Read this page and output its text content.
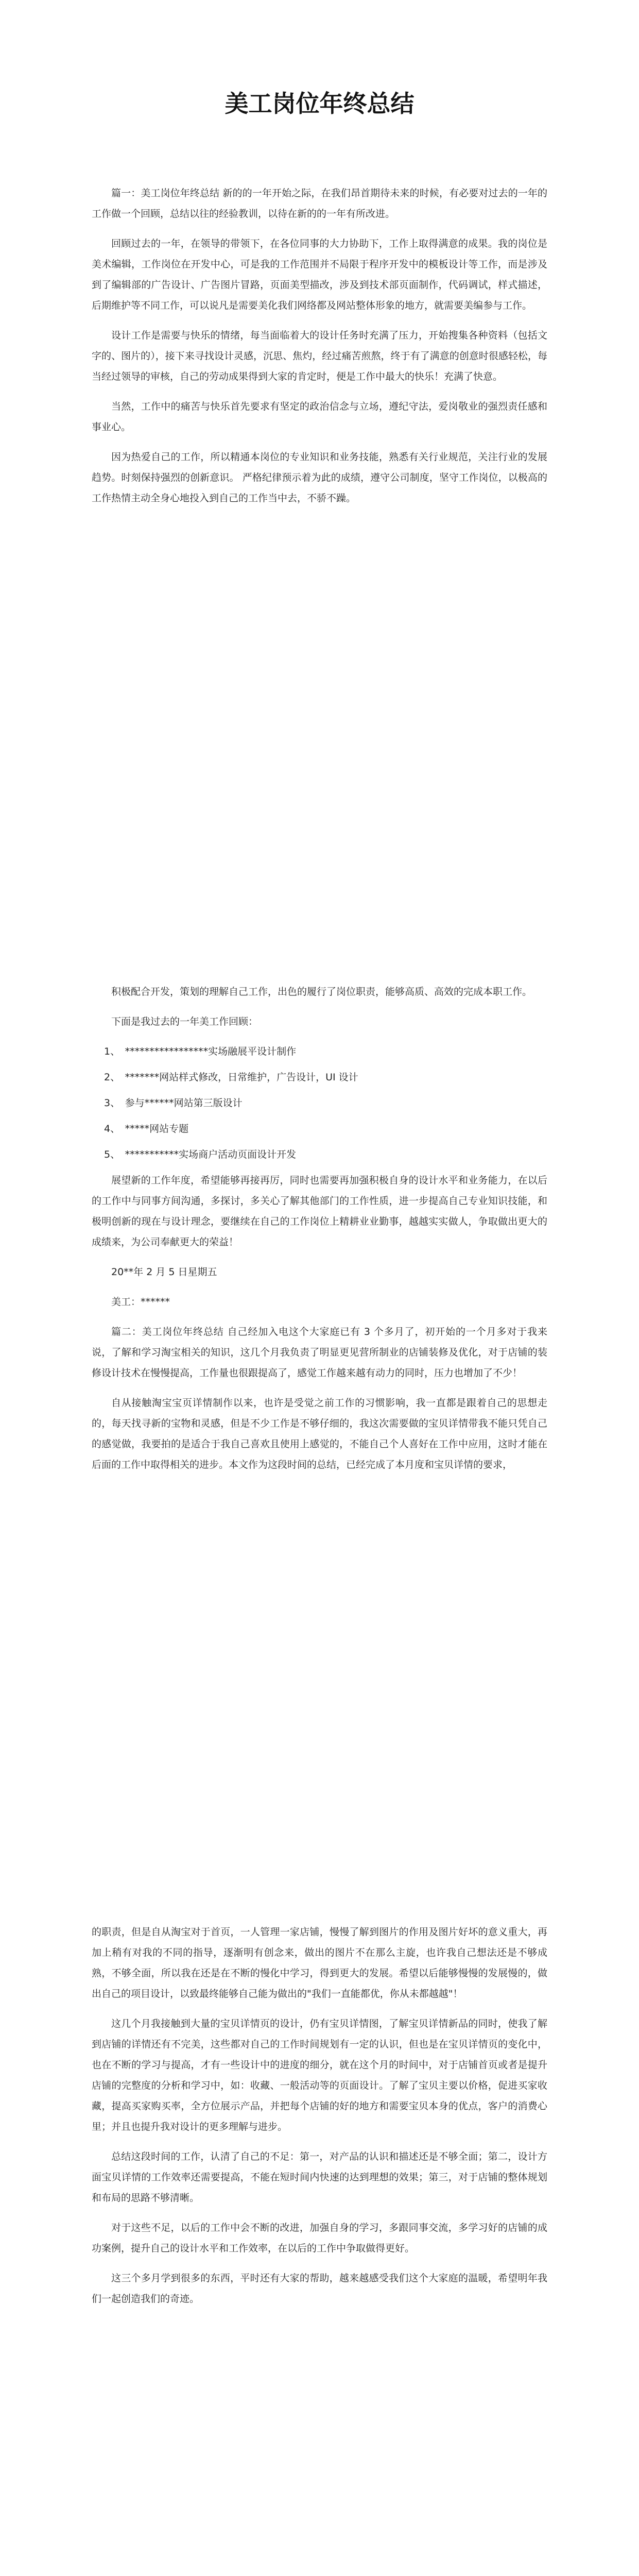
美工岗位年终总结

篇一：美工岗位年终总结 新的的一年开始之际，在我们昂首期待未来的时候，有必要对过去的一年的工作做一个回顾，总结以往的经验教训，以待在新的的一年有所改进。

回顾过去的一年，在领导的带领下，在各位同事的大力协助下，工作上取得满意的成果。我的岗位是美术编辑，工作岗位在开发中心，可是我的工作范围并不局限于程序开发中的模板设计等工作，而是涉及到了编辑部的广告设计、广告图片冒路，页面美型描改，涉及到技术部页面制作，代码调试，样式描述，后期维护等不同工作，可以说凡是需要美化我们网络都及网站整体形象的地方，就需要美编参与工作。

设计工作是需要与快乐的情绪，每当面临着大的设计任务时充满了压力，开始搜集各种资料（包括文字的、图片的），接下来寻找设计灵感，沉思、焦灼，经过痛苦煎熬，终于有了满意的创意时很感轻松，每当经过领导的审核，自己的劳动成果得到大家的肯定时，便是工作中最大的快乐！充满了快意。

当然，工作中的痛苦与快乐首先要求有坚定的政治信念与立场，遵纪守法，爱岗敬业的强烈责任感和事业心。

因为热爱自己的工作，所以精通本岗位的专业知识和业务技能，熟悉有关行业规范，关注行业的发展趋势。时刻保持强烈的创新意识。 严格纪律预示着为此的成绩，遵守公司制度，坚守工作岗位，以极高的工作热情主动全身心地投入到自己的工作当中去，不骄不躁。

积极配合开发，策划的理解自己工作，出色的履行了岗位职责，能够高质、高效的完成本职工作。

下面是我过去的一年美工作回顾：

1、　*****************实场融展平设计制作

2、　*******网站样式修改，日常维护，广告设计，UI 设计

3、　参与******网站第三版设计

4、　*****网站专题

5、　***********实场商户活动页面设计开发

展望新的工作年度，希望能够再接再厉，同时也需要再加强积极自身的设计水平和业务能力，在以后的工作中与同事方间沟通，多探讨，多关心了解其他部门的工作性质，进一步提高自己专业知识技能，和极明创新的现在与设计理念，要继续在自己的工作岗位上精耕业业勤事，越越实实做人，争取做出更大的成绩来，为公司奉献更大的荣益！

20**年 2 月 5 日星期五

美工：******

篇二：美工岗位年终总结 自己经加入电这个大家庭已有 3 个多月了，初开始的一个月多对于我来说，了解和学习淘宝相关的知识，这几个月我负责了明显更见营所制业的店铺装修及优化，对于店铺的装修设计技术在慢慢提高，工作量也很跟提高了，感觉工作越来越有动力的同时，压力也增加了不少！

自从接触淘宝宝页详情制作以来，也许是受觉之前工作的习惯影响，我一直都是跟着自己的思想走的，每天找寻新的宝物和灵感，但是不少工作是不够仔细的，我这次需要做的宝贝详情带我不能只凭自己的感觉做，我要拍的是适合于我自己喜欢且使用上感觉的，不能自己个人喜好在工作中应用，这时才能在后面的工作中取得相关的进步。本文作为这段时间的总结，已经完成了本月度和宝贝详情的要求，

的职责，但是自从淘宝对于首页，一人管理一家店铺，慢慢了解到图片的作用及图片好坏的意义重大，再加上稍有对我的不同的指导，逐渐明有创念来，做出的图片不在那么主旋，也许我自己想法还是不够成熟，不够全面，所以我在还是在不断的慢化中学习，得到更大的发展。希望以后能够慢慢的发展慢的，做出自己的项目设计，以致最终能够自己能为做出的"我们一直能都优，你从未都越越"！

这几个月我接触到大量的宝贝详情页的设计，仍有宝贝详情图，了解宝贝详情新品的同时，使我了解到店铺的详情还有不完美，这些都对自己的工作时间规划有一定的认识，但也是在宝贝详情页的变化中，也在不断的学习与提高，才有一些设计中的进度的细分，就在这个月的时间中，对于店铺首页或者是提升店铺的完整度的分析和学习中，如：收藏、一般活动等的页面设计。了解了宝贝主要以价格，促进买家收藏，提高买家购买率，全方位展示产品，并把每个店铺的好的地方和需要宝贝本身的优点，客户的消费心里；并且也提升我对设计的更多理解与进步。

总结这段时间的工作，认清了自己的不足：第一，对产品的认识和描述还是不够全面；第二，设计方面宝贝详情的工作效率还需要提高，不能在短时间内快速的达到理想的效果；第三，对于店铺的整体规划和布局的思路不够清晰。

对于这些不足，以后的工作中会不断的改进，加强自身的学习，多跟同事交流，多学习好的店铺的成功案例，提升自己的设计水平和工作效率，在以后的工作中争取做得更好。

这三个多月学到很多的东西，平时还有大家的帮助，越来越感受我们这个大家庭的温暖，希望明年我们一起创造我们的奇迹。
